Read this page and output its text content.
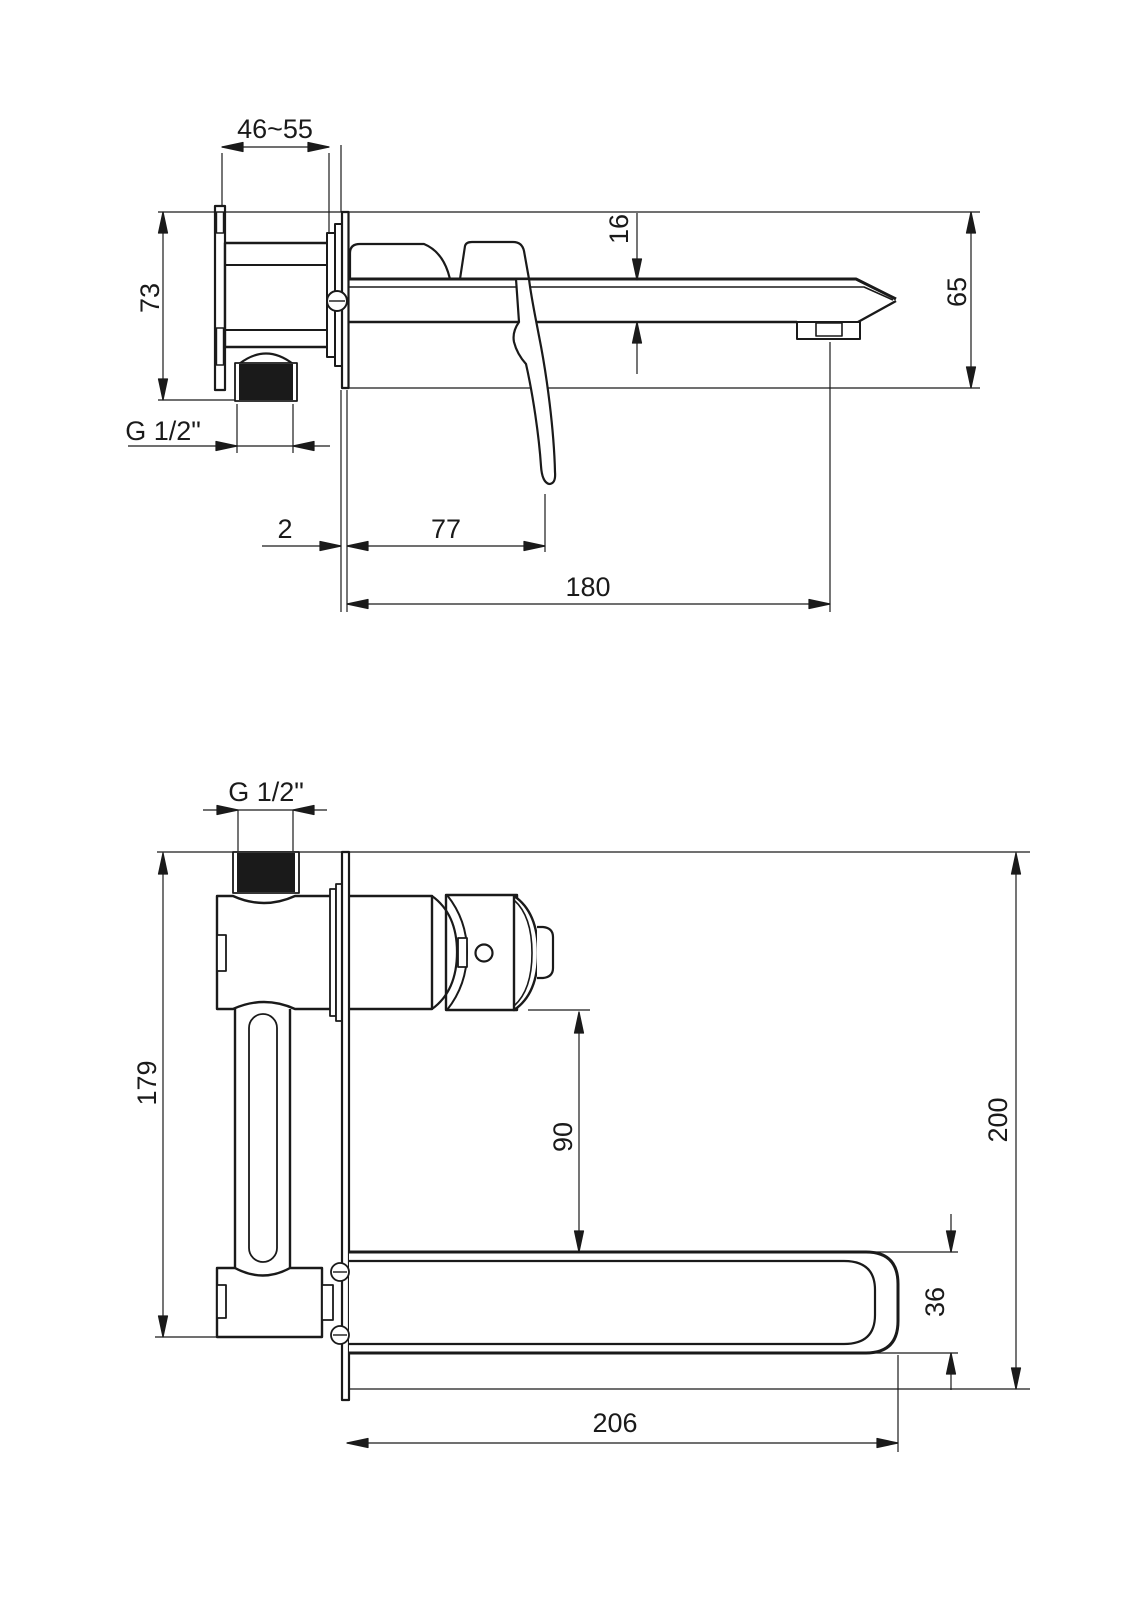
46~55
73
G 1/2"
2	77
180
16
65
G 1/2"
179
90	200
36
206
